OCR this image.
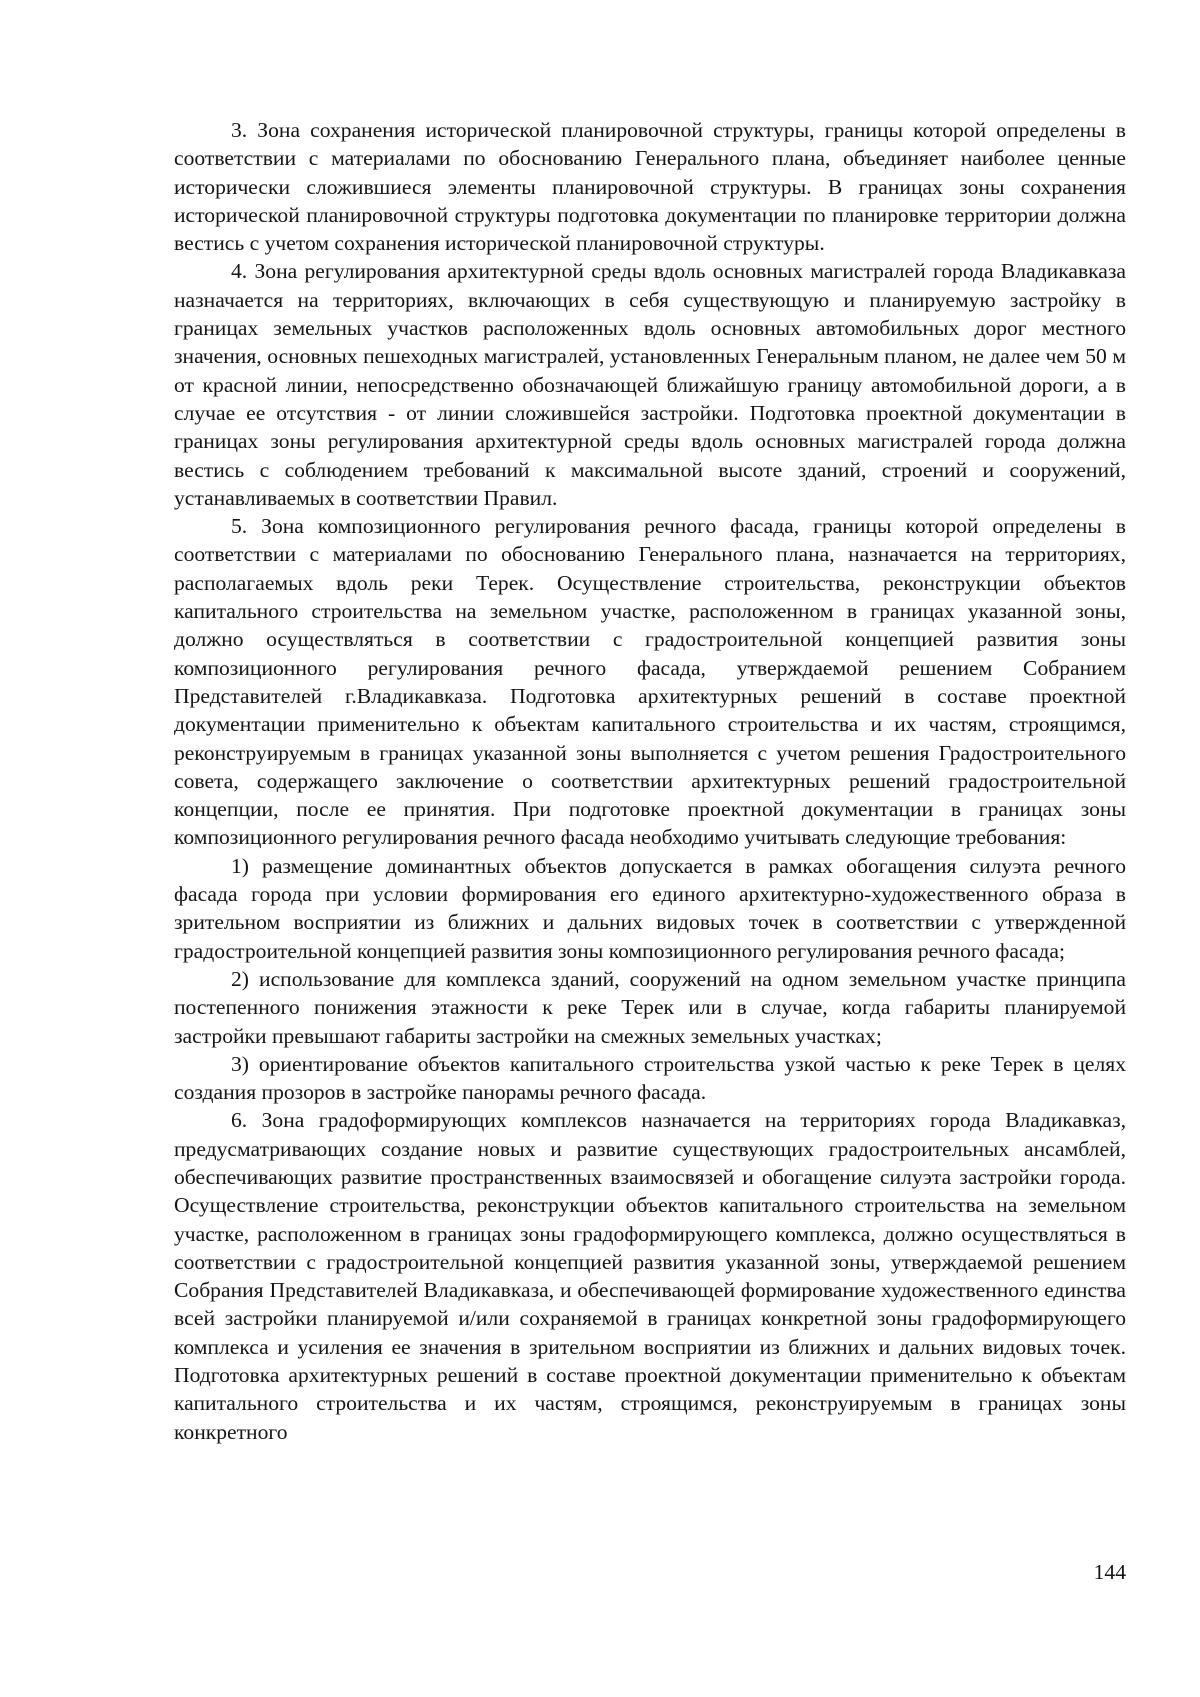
3. Зона сохранения исторической планировочной структуры, границы которой определены в соответствии с материалами по обоснованию Генерального плана, объединяет наиболее ценные исторически сложившиеся элементы планировочной структуры. В границах зоны сохранения исторической планировочной структуры подготовка документации по планировке территории должна вестись с учетом сохранения исторической планировочной структуры.

4. Зона регулирования архитектурной среды вдоль основных магистралей города Владикавказа назначается на территориях, включающих в себя существующую и планируемую застройку в границах земельных участков расположенных вдоль основных автомобильных дорог местного значения, основных пешеходных магистралей, установленных Генеральным планом, не далее чем 50 м от красной линии, непосредственно обозначающей ближайшую границу автомобильной дороги, а в случае ее отсутствия - от линии сложившейся застройки. Подготовка проектной документации в границах зоны регулирования архитектурной среды вдоль основных магистралей города должна вестись с соблюдением требований к максимальной высоте зданий, строений и сооружений, устанавливаемых в соответствии Правил.

5. Зона композиционного регулирования речного фасада, границы которой определены в соответствии с материалами по обоснованию Генерального плана, назначается на территориях, располагаемых вдоль реки Терек. Осуществление строительства, реконструкции объектов капитального строительства на земельном участке, расположенном в границах указанной зоны, должно осуществляться в соответствии с градостроительной концепцией развития зоны композиционного регулирования речного фасада, утверждаемой решением Собранием Представителей г.Владикавказа. Подготовка архитектурных решений в составе проектной документации применительно к объектам капитального строительства и их частям, строящимся, реконструируемым в границах указанной зоны выполняется с учетом решения Градостроительного совета, содержащего заключение о соответствии архитектурных решений градостроительной концепции, после ее принятия. При подготовке проектной документации в границах зоны композиционного регулирования речного фасада необходимо учитывать следующие требования:

1) размещение доминантных объектов допускается в рамках обогащения силуэта речного фасада города при условии формирования его единого архитектурно-художественного образа в зрительном восприятии из ближних и дальних видовых точек в соответствии с утвержденной градостроительной концепцией развития зоны композиционного регулирования речного фасада;

2) использование для комплекса зданий, сооружений на одном земельном участке принципа постепенного понижения этажности к реке Терек или в случае, когда габариты планируемой застройки превышают габариты застройки на смежных земельных участках;

3) ориентирование объектов капитального строительства узкой частью к реке Терек в целях создания прозоров в застройке панорамы речного фасада.

6. Зона градоформирующих комплексов назначается на территориях города Владикавказ, предусматривающих создание новых и развитие существующих градостроительных ансамблей, обеспечивающих развитие пространственных взаимосвязей и обогащение силуэта застройки города. Осуществление строительства, реконструкции объектов капитального строительства на земельном участке, расположенном в границах зоны градоформирующего комплекса, должно осуществляться в соответствии с градостроительной концепцией развития указанной зоны, утверждаемой решением Собрания Представителей Владикавказа, и обеспечивающей формирование художественного единства всей застройки планируемой и/или сохраняемой в границах конкретной зоны градоформирующего комплекса и усиления ее значения в зрительном восприятии из ближних и дальних видовых точек. Подготовка архитектурных решений в составе проектной документации применительно к объектам капитального строительства и их частям, строящимся, реконструируемым в границах зоны конкретного

144
